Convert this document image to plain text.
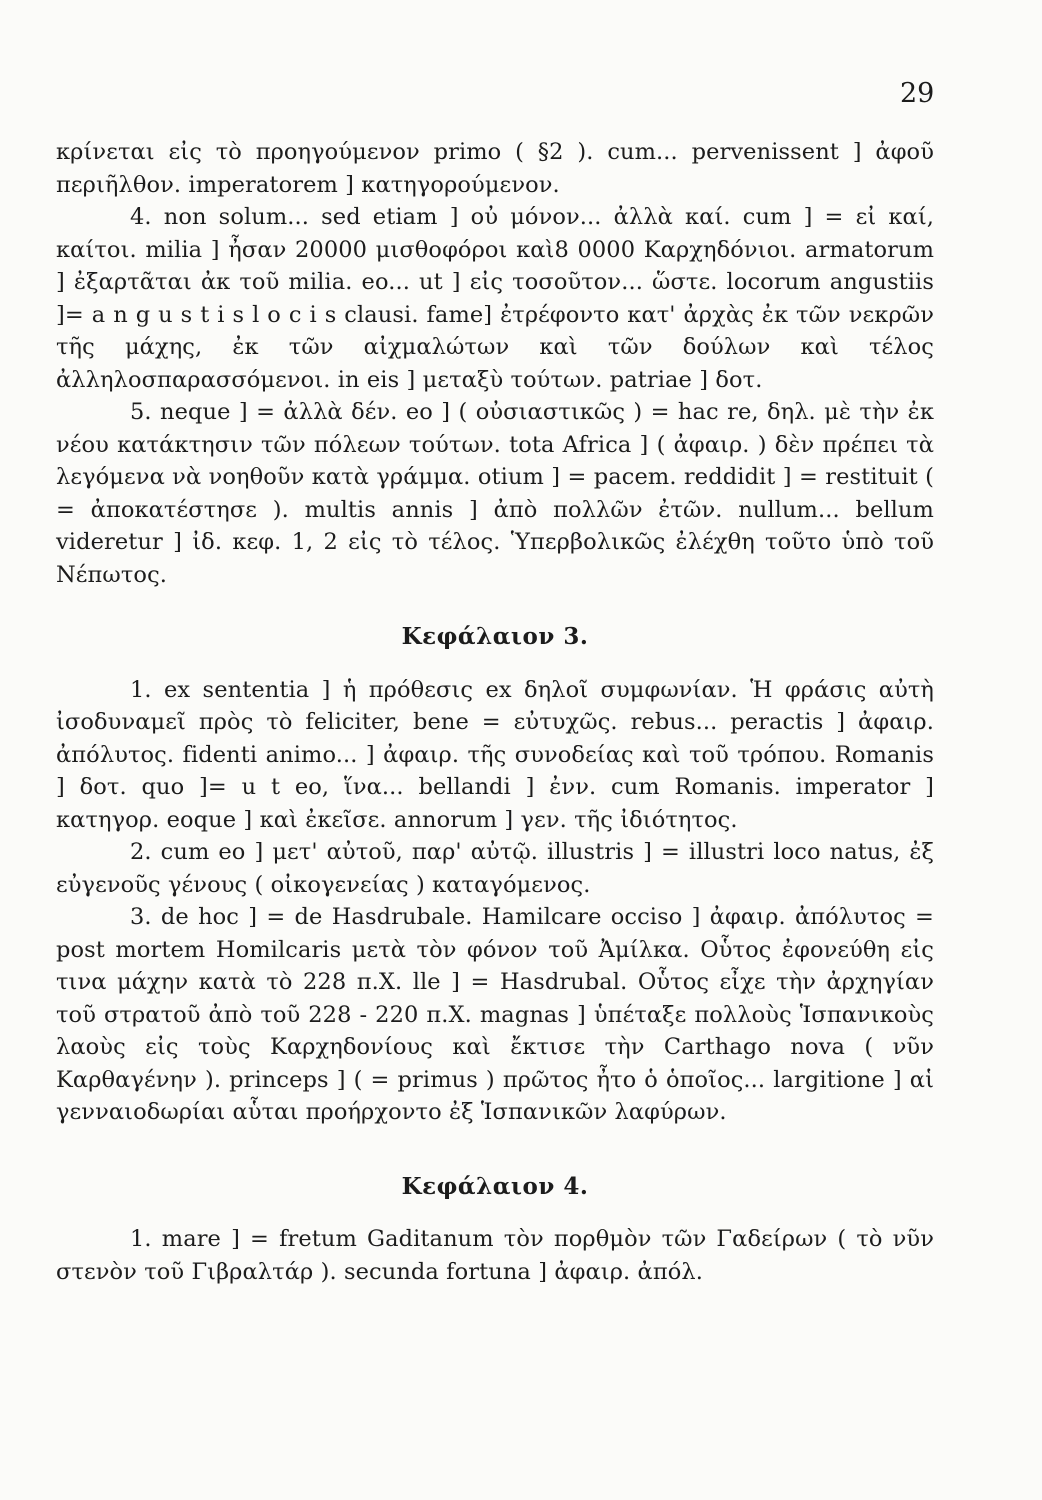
29

κρίνεται εἰς τὸ προηγούμενον primo ( §2 ). cum... pervenissent ] ἀφοῦ περιῆλθον. imperatorem ] κατηγορούμενον.

4. non solum... sed etiam ] οὐ μόνον... ἀλλὰ καί. cum ] = εἰ καί, καίτοι. milia ] ἦσαν 20000 μισθοφόροι καὶ8 0000 Καρχηδόνιοι. armatorum ] ἐξαρτᾶται ἀκ τοῦ milia. eo... ut ] εἰς τοσοῦτον... ὥστε. locorum angustiis ]= a n g u s t i s l o c i s clausi. fame] ἐτρέφοντο κατ' ἀρχὰς ἐκ τῶν νεκρῶν τῆς μάχης, ἐκ τῶν αἰχμαλώτων καὶ τῶν δούλων καὶ τέλος ἀλληλοσπαρασσόμενοι. in eis ] μεταξὺ τούτων. patriae ] δοτ.

5. neque ] = ἀλλὰ δέν. eo ] ( οὐσιαστικῶς ) = hac re, δηλ. μὲ τὴν ἐκ νέου κατάκτησιν τῶν πόλεων τούτων. tota Africa ] ( ἀφαιρ. ) δὲν πρέπει τὰ λεγόμενα νὰ νοηθοῦν κατὰ γράμμα. otium ] = pacem. reddidit ] = restituit ( = ἀποκατέστησε ). multis annis ] ἀπὸ πολλῶν ἐτῶν. nullum... bellum videretur ] ἰδ. κεφ. 1, 2 εἰς τὸ τέλος. Ὑπερβολικῶς ἐλέχθη τοῦτο ὑπὸ τοῦ Νέπωτος.

Κεφάλαιον 3.

1. ex sententia ] ἡ πρόθεσις ex δηλοῖ συμφωνίαν. Ἡ φράσις αὐτὴ ἰσοδυναμεῖ πρὸς τὸ feliciter, bene = εὐτυχῶς. rebus... peractis ] ἀφαιρ. ἀπόλυτος. fidenti animo... ] ἀφαιρ. τῆς συνοδείας καὶ τοῦ τρόπου. Romanis ] δοτ. quo ]= u t eo, ἵνα... bellandi ] ἐνν. cum Romanis. imperator ] κατηγορ. eoque ] καὶ ἐκεῖσε. annorum ] γεν. τῆς ἰδιότητος.

2. cum eo ] μετ' αὐτοῦ, παρ' αὐτῷ. illustris ] = illustri loco natus, ἐξ εὐγενοῦς γένους ( οἰκογενείας ) καταγόμενος.

3. de hoc ] = de Hasdrubale. Hamilcare occiso ] ἀφαιρ. ἀπόλυτος = post mortem Homilcaris μετὰ τὸν φόνον τοῦ Ἀμίλκα. Οὗτος ἐφονεύθη εἰς τινα μάχην κατὰ τὸ 228 π.Χ. lle ] = Hasdrubal. Οὗτος εἶχε τὴν ἀρχηγίαν τοῦ στρατοῦ ἀπὸ τοῦ 228 - 220 π.Χ. magnas ] ὑπέταξε πολλοὺς Ἱσπανικοὺς λαοὺς εἰς τοὺς Καρχηδονίους καὶ ἔκτισε τὴν Carthago nova ( νῦν Καρθαγένην ). princeps ] ( = primus ) πρῶτος ἦτο ὁ ὁποῖος... largitione ] αἱ γενναιοδωρίαι αὗται προήρχοντο ἐξ Ἱσπανικῶν λαφύρων.

Κεφάλαιον 4.

1. mare ] = fretum Gaditanum τὸν πορθμὸν τῶν Γαδείρων ( τὸ νῦν στενὸν τοῦ Γιβραλτάρ ). secunda fortuna ] ἀφαιρ. ἀπόλ.
